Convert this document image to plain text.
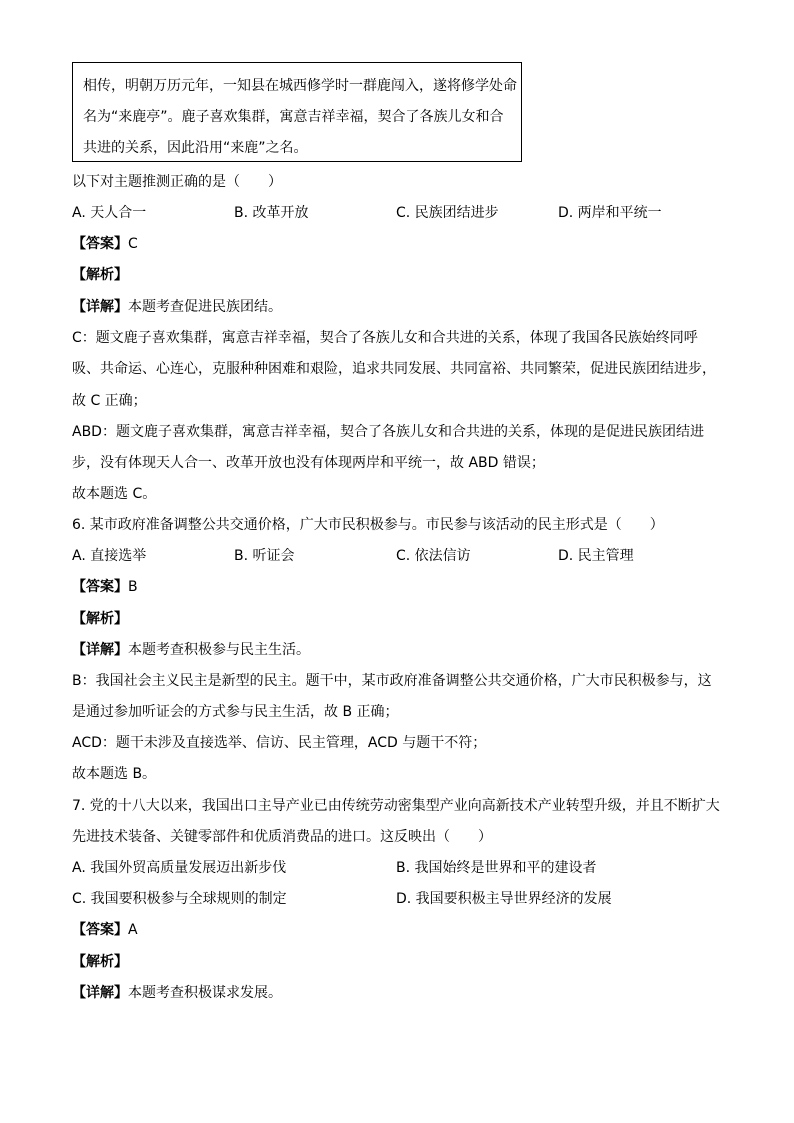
相传，明朝万历元年，一知县在城西修学时一群鹿闯入，遂将修学处命
名为“来鹿亭”。鹿子喜欢集群，寓意吉祥幸福，契合了各族儿女和合
共进的关系，因此沿用“来鹿”之名。
以下对主题推测正确的是（　　）
A. 天人合一	B. 改革开放	C. 民族团结进步	D. 两岸和平统一
【答案】C
【解析】
【详解】本题考查促进民族团结。
C：题文鹿子喜欢集群，寓意吉祥幸福，契合了各族儿女和合共进的关系，体现了我国各民族始终同呼
吸、共命运、心连心，克服种种困难和艰险，追求共同发展、共同富裕、共同繁荣，促进民族团结进步，
故 C 正确；
ABD：题文鹿子喜欢集群，寓意吉祥幸福，契合了各族儿女和合共进的关系，体现的是促进民族团结进
步，没有体现天人合一、改革开放也没有体现两岸和平统一，故 ABD 错误；
故本题选 C。
6. 某市政府准备调整公共交通价格，广大市民积极参与。市民参与该活动的民主形式是（　　）
A. 直接选举	B. 听证会	C. 依法信访	D. 民主管理
【答案】B
【解析】
【详解】本题考查积极参与民主生活。
B：我国社会主义民主是新型的民主。题干中，某市政府准备调整公共交通价格，广大市民积极参与，这
是通过参加听证会的方式参与民主生活，故 B 正确；
ACD：题干未涉及直接选举、信访、民主管理，ACD 与题干不符；
故本题选 B。
7. 党的十八大以来，我国出口主导产业已由传统劳动密集型产业向高新技术产业转型升级，并且不断扩大
先进技术装备、关键零部件和优质消费品的进口。这反映出（　　）
A. 我国外贸高质量发展迈出新步伐	B. 我国始终是世界和平的建设者
C. 我国要积极参与全球规则的制定	D. 我国要积极主导世界经济的发展
【答案】A
【解析】
【详解】本题考查积极谋求发展。
